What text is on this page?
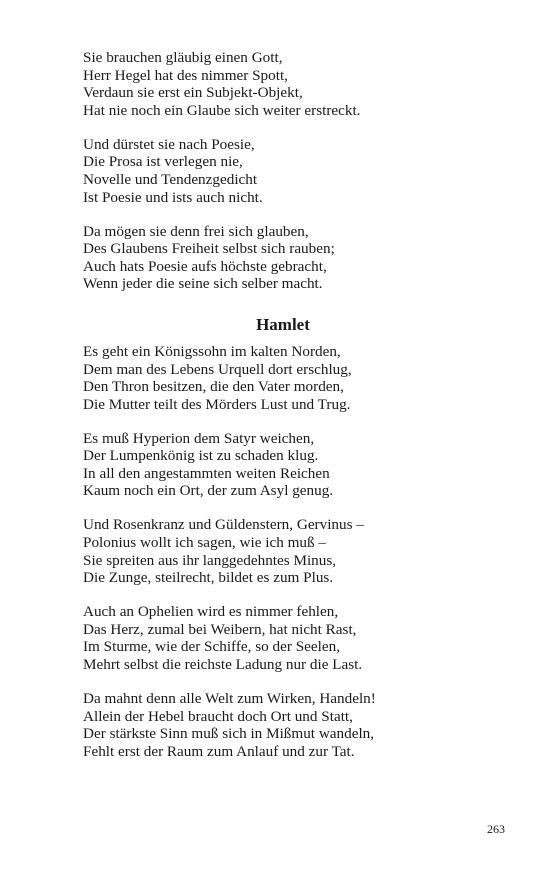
Sie brauchen gläubig einen Gott,
Herr Hegel hat des nimmer Spott,
Verdaun sie erst ein Subjekt-Objekt,
Hat nie noch ein Glaube sich weiter erstreckt.
Und dürstet sie nach Poesie,
Die Prosa ist verlegen nie,
Novelle und Tendenzgedicht
Ist Poesie und ists auch nicht.
Da mögen sie denn frei sich glauben,
Des Glaubens Freiheit selbst sich rauben;
Auch hats Poesie aufs höchste gebracht,
Wenn jeder die seine sich selber macht.
Hamlet
Es geht ein Königssohn im kalten Norden,
Dem man des Lebens Urquell dort erschlug,
Den Thron besitzen, die den Vater morden,
Die Mutter teilt des Mörders Lust und Trug.
Es muß Hyperion dem Satyr weichen,
Der Lumpenkönig ist zu schaden klug.
In all den angestammten weiten Reichen
Kaum noch ein Ort, der zum Asyl genug.
Und Rosenkranz und Güldenstern, Gervinus –
Polonius wollt ich sagen, wie ich muß –
Sie spreiten aus ihr langgedehntes Minus,
Die Zunge, steilrecht, bildet es zum Plus.
Auch an Ophelien wird es nimmer fehlen,
Das Herz, zumal bei Weibern, hat nicht Rast,
Im Sturme, wie der Schiffe, so der Seelen,
Mehrt selbst die reichste Ladung nur die Last.
Da mahnt denn alle Welt zum Wirken, Handeln!
Allein der Hebel braucht doch Ort und Statt,
Der stärkste Sinn muß sich in Mißmut wandeln,
Fehlt erst der Raum zum Anlauf und zur Tat.
263
